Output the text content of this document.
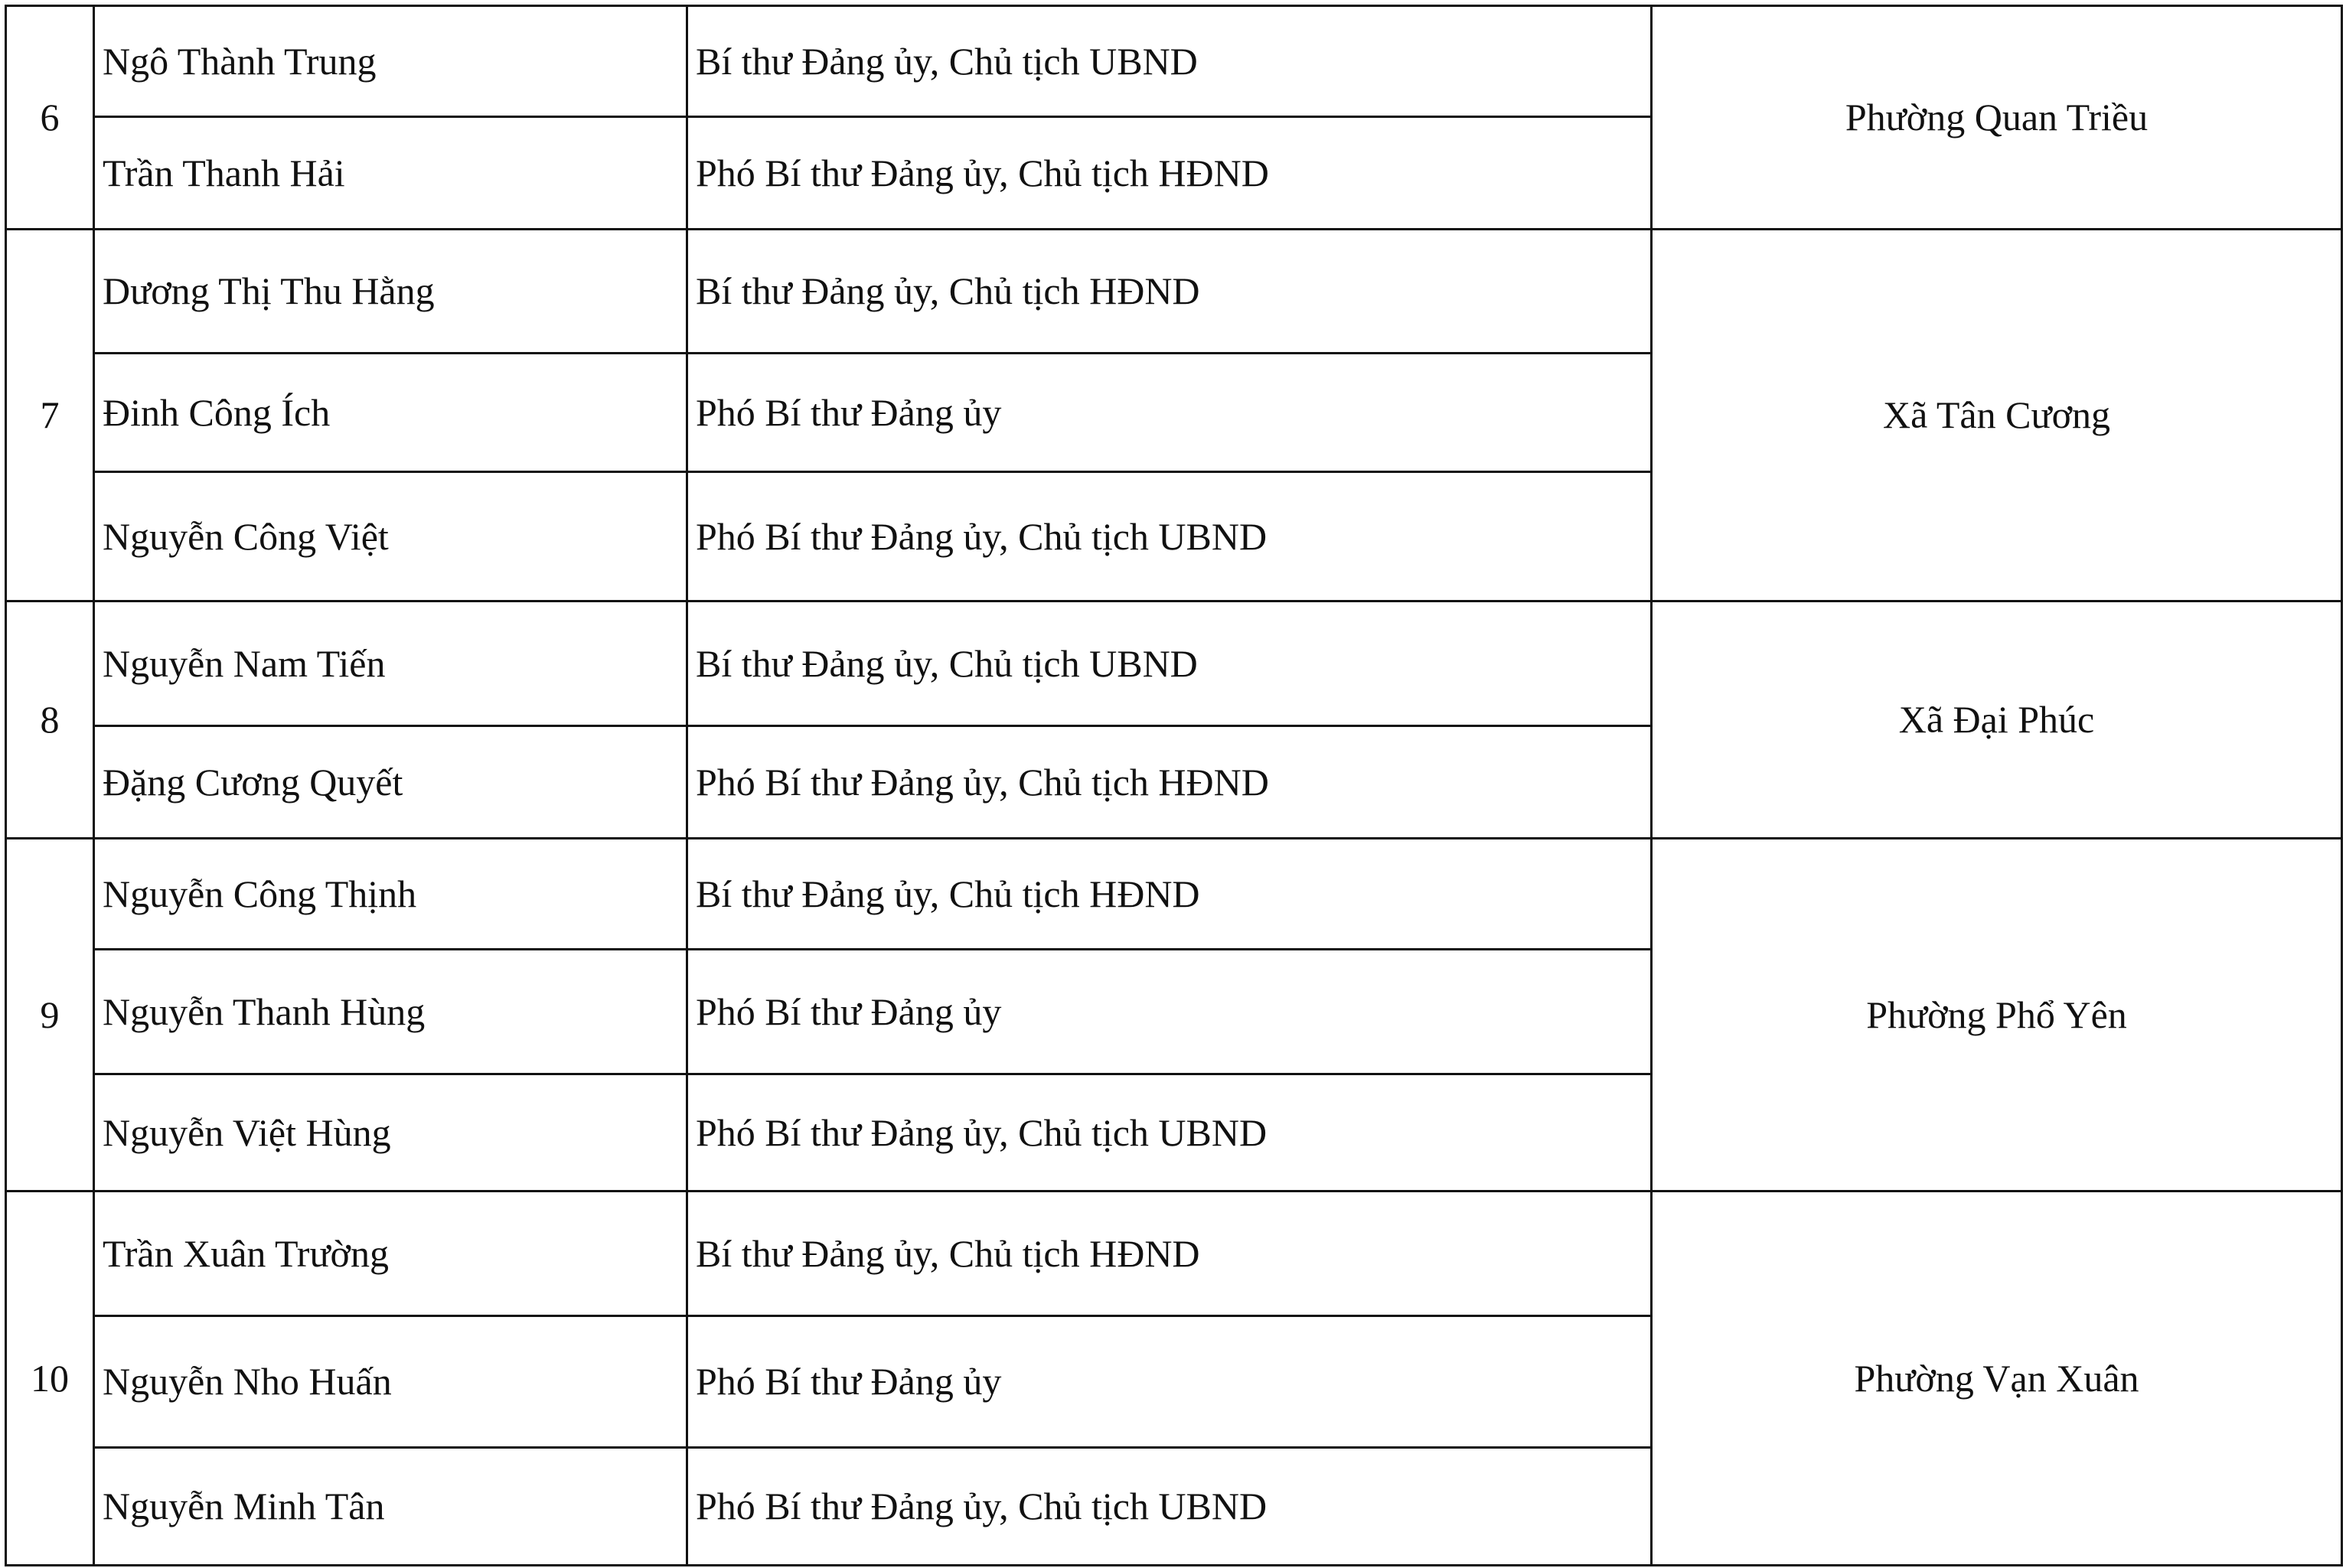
6	Ngô Thành Trung	Bí thư Đảng ủy, Chủ tịch UBND	Phường Quan Triều
	Trần Thanh Hải	Phó Bí thư Đảng ủy, Chủ tịch HĐND	
7	Dương Thị Thu Hằng	Bí thư Đảng ủy, Chủ tịch HĐND	Xã Tân Cương
	Đinh Công Ích	Phó Bí thư Đảng ủy	
	Nguyễn Công Việt	Phó Bí thư Đảng ủy, Chủ tịch UBND	
8	Nguyễn Nam Tiến	Bí thư Đảng ủy, Chủ tịch UBND	Xã Đại Phúc
	Đặng Cương Quyết	Phó Bí thư Đảng ủy, Chủ tịch HĐND	
9	Nguyễn Công Thịnh	Bí thư Đảng ủy, Chủ tịch HĐND	Phường Phổ Yên
	Nguyễn Thanh Hùng	Phó Bí thư Đảng ủy	
	Nguyễn Việt Hùng	Phó Bí thư Đảng ủy, Chủ tịch UBND	
10	Trần Xuân Trường	Bí thư Đảng ủy, Chủ tịch HĐND	Phường Vạn Xuân
	Nguyễn Nho Huấn	Phó Bí thư Đảng ủy	
	Nguyễn Minh Tân	Phó Bí thư Đảng ủy, Chủ tịch UBND	
